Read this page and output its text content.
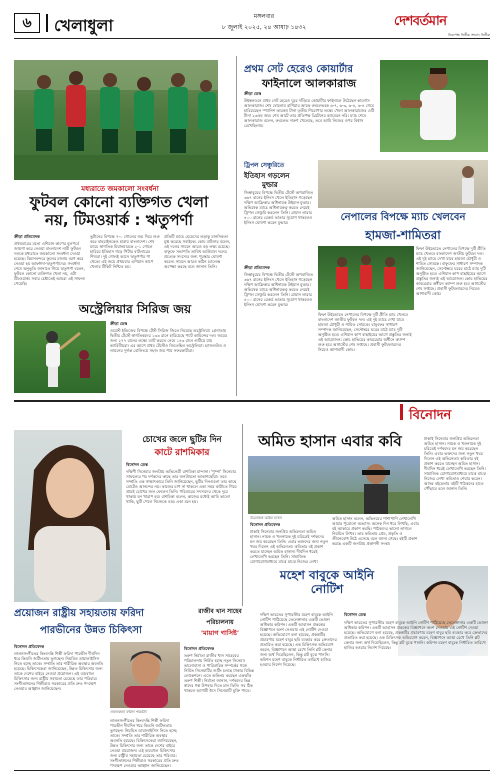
৬ খেলাধুলা	মঙ্গলবার
৮ জুলাই ২০২৫, ২৪ আষাঢ় ১৪৩২	দেশবর্তমান
নিরপেক্ষ নির্ভীক সংবাদ নির্ভীক
মধ্যরাতে জমকালো সংবর্ধনা
ফুটবল কোনো ব্যক্তিগত খেলা
নয়, টিমওয়ার্ক : ঋতুপর্ণা
ক্রীড়া প্রতিবেদক
প্রথমবারের মতো এশিয়ান কাপের মূলপর্বে জায়গা করে নেওয়া বাংলাদেশ নারী ফুটবল দলকে মধ্যরাতে জমকালো সংবর্ধনা দেওয়া হয়েছে। বিমানবন্দরে ফুলের মালায় বরণ করে নেওয়া হয় আফঈদা-ঋতুপর্ণাদের। সংবর্ধনা শেষে অনুভূতি জানাতে গিয়ে ঋতুপর্ণা বলেন, ফুটবল কোনো ব্যক্তিগত খেলা নয়, এটা টিমওয়ার্ক। সবার চেষ্টাতেই আমরা এই সাফল্য পেয়েছি।
ভুটানের বিপক্ষে ৭-০ গোলের জয় দিয়ে শুরু করে বাহরাইনকেও হারায় বাংলাদেশ। শেষ ম্যাচে স্বাগতিক মিয়ানমারকে ২-১ গোলে হারিয়ে ইতিহাস গড়ে পিটার বাটলারের শিষ্যরা। দুই গোলই আসে ঋতুপর্ণার পা থেকে। এই জয়ে প্রথমবার এশিয়ান কাপে খেলার টিকিট নিশ্চিত হয়।
প্রতিটি ম্যাচে মেয়েদের লড়াকু মানসিকতা মুগ্ধ করেছে সবাইকে। কোচ বাটলার বলেন, এই দলের সামনে আরও বড় লক্ষ্য রয়েছে। বাফুফে সভাপতি তাবিথ আউয়াল দলের প্রত্যেক সদস্যের জন্য পুরস্কার ঘোষণা করেন। সামনে আরও কঠিন চ্যালেঞ্জ অপেক্ষা করছে বলে জানান তিনি।
অস্ট্রেলিয়ার সিরিজ জয়
ক্রীড়া ডেস্ক
ওয়েস্ট ইন্ডিজের বিপক্ষে টেস্ট সিরিজ জিতে নিয়েছে অস্ট্রেলিয়া। গ্রেনাডায় দ্বিতীয় টেস্টে স্বাগতিকদের ১৩৩ রানে হারিয়েছে প্যাট কামিন্সের দল। জয়ের জন্য ২৭৭ রানের লক্ষ্যে ব্যাট করতে নেমে ১৪৩ রানে গুটিয়ে যায় ক্যারিবীয়রা। এর আগে প্রথম টেস্টেও জিতেছিল অস্ট্রেলিয়া। হ্যাজলউড ও লায়নের দুর্দান্ত বোলিংয়ে সহজ জয় পায় সফরকারীরা।
প্রথম সেট হেরেও কোয়ার্টার
ফাইনালে আলকারাজ
ক্রীড়া ডেস্ক
উইম্বলডনে প্রথম সেট হেরেও ঘুরে দাঁড়িয়ে কোয়ার্টার ফাইনালে উঠেছেন কার্লোস আলকারাজ। শেষ ষোলোয় রাশিয়ার আন্দ্রে রুবলেভকে ৬-৭, ৬-৩, ৬-৪, ৬-৪ গেমে হারিয়েছেন স্প্যানিশ তারকা। টানা তৃতীয় শিরোপার লক্ষ্যে খেলা আলকারাজের এটি টানা ২৩তম জয়। শেষ আটে তার প্রতিপক্ষ ব্রিটেনের ক্যামেরন নরি। ম্যাচ শেষে আলকারাজ বলেন, রুবলেভ দারুণ খেলেছে, তবে আমি নিজের ওপর বিশ্বাস রেখেছিলাম।
ট্রিপল সেঞ্চুরিতে
ইতিহাস গড়লেন
মুল্ডার
জিম্বাবুয়ের বিপক্ষে দ্বিতীয় টেস্টে অপরাজিত ৩৬৭ রানের ইনিংস খেলে ইতিহাস গড়েছেন দক্ষিণ আফ্রিকার অধিনায়ক উইয়ান মুল্ডার। অভিষেক ম্যাচে অধিনায়কত্ব করতে নেমেই ট্রিপল সেঞ্চুরি করলেন তিনি। ব্রায়ান লারার ৪০০ রানের রেকর্ড ভাঙার সুযোগ থাকলেও ইনিংস ঘোষণা করেন মুল্ডার।	নেপালের বিপক্ষে ম্যাচ খেলবেন
হামজা-শামিতরা
ক্রীড়া প্রতিবেদক
ফিফা উইন্ডোতে নেপালের বিপক্ষে দুটি প্রীতি ম্যাচ খেলবে বাংলাদেশ জাতীয় ফুটবল দল। এই দুই ম্যাচে দেখা যাবে হামজা চৌধুরী ও শামিত সোমকে। বাফুফের সাধারণ সম্পাদক জানিয়েছেন, সেপ্টেম্বরে ঘরের মাঠে ম্যাচ দুটি অনুষ্ঠিত হবে। এশিয়ান কাপ বাছাইয়ের আগে প্রস্তুতির জন্যই এই আয়োজন। কোচ হাভিয়ের কাবরেরার অধীনে ক্যাম্প শুরু হবে আগস্টের শেষ সপ্তাহে। প্রবাসী ফুটবলারদের নিয়েও আশাবাদী কোচ।
জিম্বাবুয়ের বিপক্ষে দ্বিতীয় টেস্টে অপরাজিত ৩৬৭ রানের ইনিংস খেলে ইতিহাস গড়েছেন দক্ষিণ আফ্রিকার অধিনায়ক উইয়ান মুল্ডার। অভিষেক ম্যাচে অধিনায়কত্ব করতে নেমেই ট্রিপল সেঞ্চুরি করলেন তিনি। ব্রায়ান লারার ৪০০ রানের রেকর্ড ভাঙার সুযোগ থাকলেও ইনিংস ঘোষণা করেন মুল্ডার।
ফিফা উইন্ডোতে নেপালের বিপক্ষে দুটি প্রীতি ম্যাচ খেলবে বাংলাদেশ জাতীয় ফুটবল দল। এই দুই ম্যাচে দেখা যাবে হামজা চৌধুরী ও শামিত সোমকে। বাফুফের সাধারণ সম্পাদক জানিয়েছেন, সেপ্টেম্বরে ঘরের মাঠে ম্যাচ দুটি অনুষ্ঠিত হবে। এশিয়ান কাপ বাছাইয়ের আগে প্রস্তুতির জন্যই এই আয়োজন। কোচ হাভিয়ের কাবরেরার অধীনে ক্যাম্প শুরু হবে আগস্টের শেষ সপ্তাহে। প্রবাসী ফুটবলারদের নিয়েও আশাবাদী কোচ।
বিনোদন
চোখের জলে ছুটির দিন
কাটে রাশমিকার
বিনোদন ডেস্ক
দক্ষিণী সিনেমার জনপ্রিয় অভিনেত্রী রাশমিকা মান্দানা। 'পুষ্পা' সিনেমার সাফল্যের পর দর্শকদের কাছে তার জনপ্রিয়তা আকাশছোঁয়া। তবে সম্প্রতি এক সাক্ষাৎকারে তিনি জানিয়েছেন, ছুটির দিনগুলো তার কাছে মোটেও আনন্দের নয়। কাজের চাপ না থাকলে একা সময় কাটাতে গিয়ে প্রায়ই চোখের জল ফেলেন তিনি। পরিবারের সদস্যদের থেকে দূরে থাকায় মন খারাপ হয়। রাশমিকা বলেন, কাজের মধ্যেই আমি ভালো থাকি, ছুটি পেলে নিজেকে বড্ড একা মনে হয়।
অমিত হাসান এবার কবি
চিত্রনায়ক অমিত হাসান
বিনোদন প্রতিবেদক
ঢাকাই সিনেমার জনপ্রিয় অভিনেতা অমিত হাসান। নায়ক ও খলনায়ক দুই চরিত্রেই দর্শকদের মন জয় করেছেন তিনি। এবার ভক্তদের জন্য নতুন খবর দিলেন এই অভিনেতা। কবিতার বই প্রকাশ করতে যাচ্ছেন অমিত হাসান। দীর্ঘদিন ধরেই লেখালেখি করছেন তিনি। সামাজিক যোগাযোগমাধ্যমে মাঝে মাঝে নিজের লেখা
অমিত হাসান বলেন, অভিনয়ের পাশাপাশি লেখালেখি আমার পুরোনো অভ্যাস। অনেক দিন ধরে লিখছি, এবার বই আকারে প্রকাশ করছি। পাঠকদের ভালো লাগলে নিয়মিত লিখব। তার কবিতায় প্রেম, প্রকৃতি ও জীবনবোধ উঠে এসেছে বলে জানা গেছে। বইটি প্রকাশ করছে একটি জনপ্রিয় প্রকাশনী সংস্থা।
ঢাকাই সিনেমার জনপ্রিয় অভিনেতা অমিত হাসান। নায়ক ও খলনায়ক দুই চরিত্রেই দর্শকদের মন জয় করেছেন তিনি। এবার ভক্তদের জন্য নতুন খবর দিলেন এই অভিনেতা। কবিতার বই প্রকাশ করতে যাচ্ছেন অমিত হাসান। দীর্ঘদিন ধরেই লেখালেখি করছেন তিনি। সামাজিক যোগাযোগমাধ্যমে মাঝে মাঝে নিজের লেখা কবিতাও শেয়ার করেন। আসন্ন বইমেলায় বইটি পাঠকদের হাতে পৌঁছাবে বলে জানান তিনি।
মহেশ বাবুকে আইনি নোটিশ
বিনোদন ডেস্ক
দক্ষিণ ভারতের সুপারস্টার মহেশ বাবুকে আইনি নোটিশ পাঠিয়েছে তেলেঙ্গানার একটি ভোক্তা অধিকার কমিশন। একটি আবাসন প্রকল্পের বিজ্ঞাপনে অংশ নেওয়ায় এই নোটিশ দেওয়া হয়েছে। অভিযোগে বলা হয়েছে, প্রকল্পটির প্রচারণায় মহেশ বাবুর ছবি ব্যবহার করে ক্রেতাদের প্রতারিত করা হয়েছে। এক চিকিৎসক অভিযোগ করেন, বিজ্ঞাপনে আস্থা রেখে তিনি প্লট কেনার জন্য অর্থ দিয়েছিলেন, কিন্তু প্লট বুঝে পাননি। কমিশন মহেশ বাবুকে নির্ধারিত তারিখে হাজির হওয়ার নির্দেশ দিয়েছে।
প্রয়োজন রাষ্ট্রীয় সহায়তায় ফরিদা
পারভীনের উন্নত চিকিৎসা
বিনোদন প্রতিবেদক
লালনসংগীতের কিংবদন্তি শিল্পী ফরিদা পারভীন দীর্ঘদিন ধরে কিডনি জটিলতায় ভুগছেন। নিয়মিত ডায়ালাইসিস নিতে হচ্ছে তাকে। সম্প্রতি তার শারীরিক অবস্থার অবনতি হয়েছে। চিকিৎসকেরা জানিয়েছেন, উন্নত চিকিৎসার জন্য তাকে দেশের বাইরে নেওয়া প্রয়োজন। এই ব্যয়বহুল চিকিৎসার জন্য রাষ্ট্রীয় সহায়তা চেয়েছে তার পরিবার। সংগীতাঙ্গনের শিল্পীরাও সরকারের প্রতি দ্রুত পদক্ষেপ নেওয়ার আহ্বান জানিয়েছেন।
লালনকন্যা ফরিদা পারভীন
লালনসংগীতের কিংবদন্তি শিল্পী ফরিদা পারভীন দীর্ঘদিন ধরে কিডনি জটিলতায় ভুগছেন। নিয়মিত ডায়ালাইসিস নিতে হচ্ছে তাকে। সম্প্রতি তার শারীরিক অবস্থার অবনতি হয়েছে। চিকিৎসকেরা জানিয়েছেন, উন্নত চিকিৎসার জন্য তাকে দেশের বাইরে নেওয়া প্রয়োজন। এই ব্যয়বহুল চিকিৎসার জন্য রাষ্ট্রীয় সহায়তা চেয়েছে তার পরিবার। সংগীতাঙ্গনের শিল্পীরাও সরকারের প্রতি দ্রুত পদক্ষেপ নেওয়ার আহ্বান জানিয়েছেন।
রাজীব খান সাহেব
পরিচালনায়
'মায়াগ গাসিষ্ট'
বিনোদন প্রতিবেদক
তরুণ নির্মাতা রাজীব খান সাহেবের পরিচালনায় নির্মিত হচ্ছে নতুন সিনেমা। ভালোবাসা ও পারিবারিক সম্পর্কের গল্পে নির্মিত সিনেমাটির শুটিং চলছে ঢাকার বিভিন্ন লোকেশনে। এতে অভিনয় করছেন একঝাঁক তরুণ শিল্পী। নির্মাতা জানান, দর্শকদের ভিন্ন স্বাদের গল্প উপহার দিতে চান তিনি। সব ঠিক থাকলে আগামী ঈদে সিনেমাটি মুক্তি পাবে।
দক্ষিণ ভারতের সুপারস্টার মহেশ বাবুকে আইনি নোটিশ পাঠিয়েছে তেলেঙ্গানার একটি ভোক্তা অধিকার কমিশন। একটি আবাসন প্রকল্পের বিজ্ঞাপনে অংশ নেওয়ায় এই নোটিশ দেওয়া হয়েছে। অভিযোগে বলা হয়েছে, প্রকল্পটির প্রচারণায় মহেশ বাবুর ছবি ব্যবহার করে ক্রেতাদের প্রতারিত করা হয়েছে। এক চিকিৎসক অভিযোগ করেন, বিজ্ঞাপনে আস্থা রেখে তিনি প্লট কেনার জন্য অর্থ দিয়েছিলেন, কিন্তু প্লট বুঝে পাননি। কমিশন মহেশ বাবুকে নির্ধারিত তারিখে হাজির হওয়ার নির্দেশ দিয়েছে।
